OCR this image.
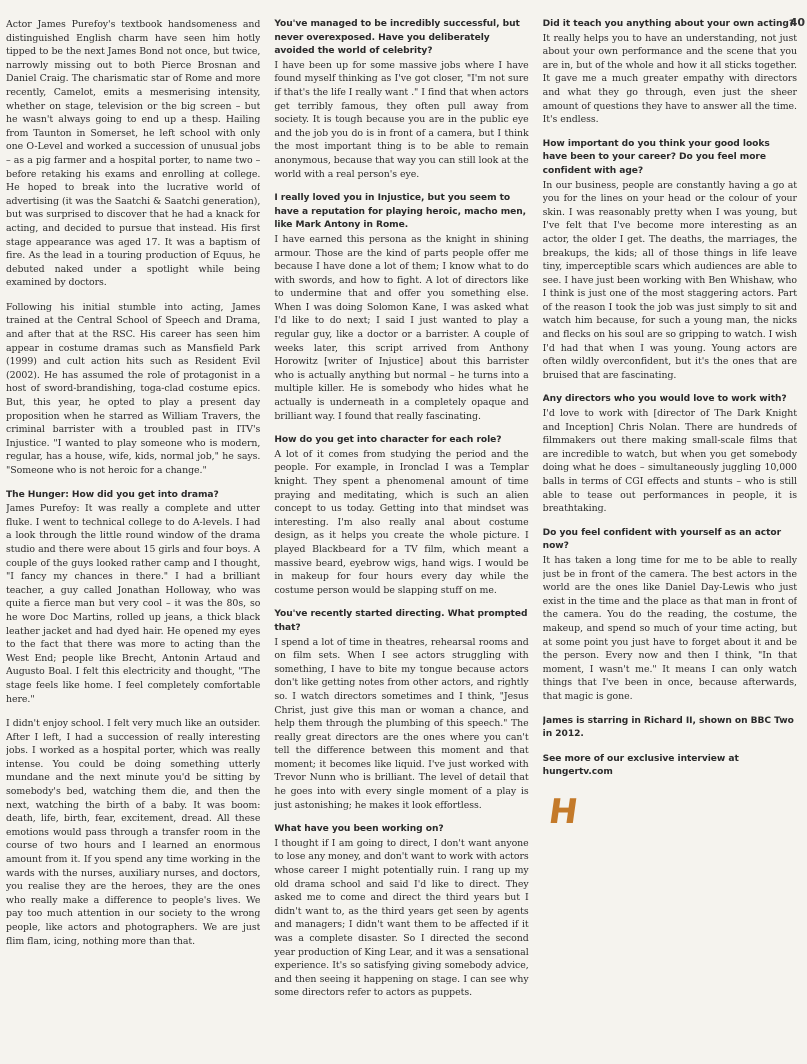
40

Actor James Purefoy's textbook handsomeness and distinguished English charm have seen him hotly tipped to be the next James Bond not once, but twice, narrowly missing out to both Pierce Brosnan and Daniel Craig. The charismatic star of Rome and more recently, Camelot, emits a mesmerising intensity, whether on stage, television or the big screen – but he wasn't always going to end up a thesp. Hailing from Taunton in Somerset, he left school with only one O-Level and worked a succession of unusual jobs – as a pig farmer and a hospital porter, to name two – before retaking his exams and enrolling at college. He hoped to break into the lucrative world of advertising (it was the Saatchi & Saatchi generation), but was surprised to discover that he had a knack for acting, and decided to pursue that instead. His first stage appearance was aged 17. It was a baptism of fire. As the lead in a touring production of Equus, he debuted naked under a spotlight while being examined by doctors.

Following his initial stumble into acting, James trained at the Central School of Speech and Drama, and after that at the RSC. His career has seen him appear in costume dramas such as Mansfield Park (1999) and cult action hits such as Resident Evil (2002). He has assumed the role of protagonist in a host of sword-brandishing, toga-clad costume epics. But, this year, he opted to play a present day proposition when he starred as William Travers, the criminal barrister with a troubled past in ITV's Injustice. "I wanted to play someone who is modern, regular, has a house, wife, kids, normal job," he says. "Someone who is not heroic for a change."

The Hunger: How did you get into drama?

James Purefoy: It was really a complete and utter fluke. I went to technical college to do A-levels. I had a look through the little round window of the drama studio and there were about 15 girls and four boys. A couple of the guys looked rather camp and I thought, "I fancy my chances in there." I had a brilliant teacher, a guy called Jonathan Holloway, who was quite a fierce man but very cool – it was the 80s, so he wore Doc Martins, rolled up jeans, a thick black leather jacket and had dyed hair. He opened my eyes to the fact that there was more to acting than the West End; people like Brecht, Antonin Artaud and Augusto Boal. I felt this electricity and thought, "The stage feels like home. I feel completely comfortable here."

I didn't enjoy school. I felt very much like an outsider. After I left, I had a succession of really interesting jobs. I worked as a hospital porter, which was really intense. You could be doing something utterly mundane and the next minute you'd be sitting by somebody's bed, watching them die, and then the next, watching the birth of a baby. It was boom: death, life, birth, fear, excitement, dread. All these emotions would pass through a transfer room in the course of two hours and I learned an enormous amount from it. If you spend any time working in the wards with the nurses, auxiliary nurses, and doctors, you realise they are the heroes, they are the ones who really make a difference to people's lives. We pay too much attention in our society to the wrong people, like actors and photographers. We are just flim flam, icing, nothing more than that.

You've managed to be incredibly successful, but never overexposed. Have you deliberately avoided the world of celebrity?

I have been up for some massive jobs where I have found myself thinking as I've got closer, "I'm not sure if that's the life I really want ." I find that when actors get terribly famous, they often pull away from society. It is tough because you are in the public eye and the job you do is in front of a camera, but I think the most important thing is to be able to remain anonymous, because that way you can still look at the world with a real person's eye.

I really loved you in Injustice, but you seem to have a reputation for playing heroic, macho men, like Mark Antony in Rome.

I have earned this persona as the knight in shining armour. Those are the kind of parts people offer me because I have done a lot of them; I know what to do with swords, and how to fight. A lot of directors like to undermine that and offer you something else. When I was doing Solomon Kane, I was asked what I'd like to do next; I said I just wanted to play a regular guy, like a doctor or a barrister. A couple of weeks later, this script arrived from Anthony Horowitz [writer of Injustice] about this barrister who is actually anything but normal – he turns into a multiple killer. He is somebody who hides what he actually is underneath in a completely opaque and brilliant way. I found that really fascinating.

How do you get into character for each role?

A lot of it comes from studying the period and the people. For example, in Ironclad I was a Templar knight. They spent a phenomenal amount of time praying and meditating, which is such an alien concept to us today. Getting into that mindset was interesting. I'm also really anal about costume design, as it helps you create the whole picture. I played Blackbeard for a TV film, which meant a massive beard, eyebrow wigs, hand wigs. I would be in makeup for four hours every day while the costume person would be slapping stuff on me.

You've recently started directing. What prompted that?

I spend a lot of time in theatres, rehearsal rooms and on film sets. When I see actors struggling with something, I have to bite my tongue because actors don't like getting notes from other actors, and rightly so. I watch directors sometimes and I think, "Jesus Christ, just give this man or woman a chance, and help them through the plumbing of this speech." The really great directors are the ones where you can't tell the difference between this moment and that moment; it becomes like liquid. I've just worked with Trevor Nunn who is brilliant. The level of detail that he goes into with every single moment of a play is just astonishing; he makes it look effortless.

What have you been working on?

I thought if I am going to direct, I don't want anyone to lose any money, and don't want to work with actors whose career I might potentially ruin. I rang up my old drama school and said I'd like to direct. They asked me to come and direct the third years but I didn't want to, as the third years get seen by agents and managers; I didn't want them to be affected if it was a complete disaster. So I directed the second year production of King Lear, and it was a sensational experience. It's so satisfying giving somebody advice, and then seeing it happening on stage. I can see why some directors refer to actors as puppets.

Did it teach you anything about your own acting?

It really helps you to have an understanding, not just about your own performance and the scene that you are in, but of the whole and how it all sticks together. It gave me a much greater empathy with directors and what they go through, even just the sheer amount of questions they have to answer all the time. It's endless.

How important do you think your good looks have been to your career? Do you feel more confident with age?

In our business, people are constantly having a go at you for the lines on your head or the colour of your skin. I was reasonably pretty when I was young, but I've felt that I've become more interesting as an actor, the older I get. The deaths, the marriages, the breakups, the kids; all of those things in life leave tiny, imperceptible scars which audiences are able to see. I have just been working with Ben Whishaw, who I think is just one of the most staggering actors. Part of the reason I took the job was just simply to sit and watch him because, for such a young man, the nicks and flecks on his soul are so gripping to watch. I wish I'd had that when I was young. Young actors are often wildly overconfident, but it's the ones that are bruised that are fascinating.

Any directors who you would love to work with?

I'd love to work with [director of The Dark Knight and Inception] Chris Nolan. There are hundreds of filmmakers out there making small-scale films that are incredible to watch, but when you get somebody doing what he does – simultaneously juggling 10,000 balls in terms of CGI effects and stunts – who is still able to tease out performances in people, it is breathtaking.

Do you feel confident with yourself as an actor now?

It has taken a long time for me to be able to really just be in front of the camera. The best actors in the world are the ones like Daniel Day-Lewis who just exist in the time and the place as that man in front of the camera. You do the reading, the costume, the makeup, and spend so much of your time acting, but at some point you just have to forget about it and be the person. Every now and then I think, "In that moment, I wasn't me." It means I can only watch things that I've been in once, because afterwards, that magic is gone.

James is starring in Richard II, shown on BBC Two in 2012.

See more of our exclusive interview at hungertv.com

H
